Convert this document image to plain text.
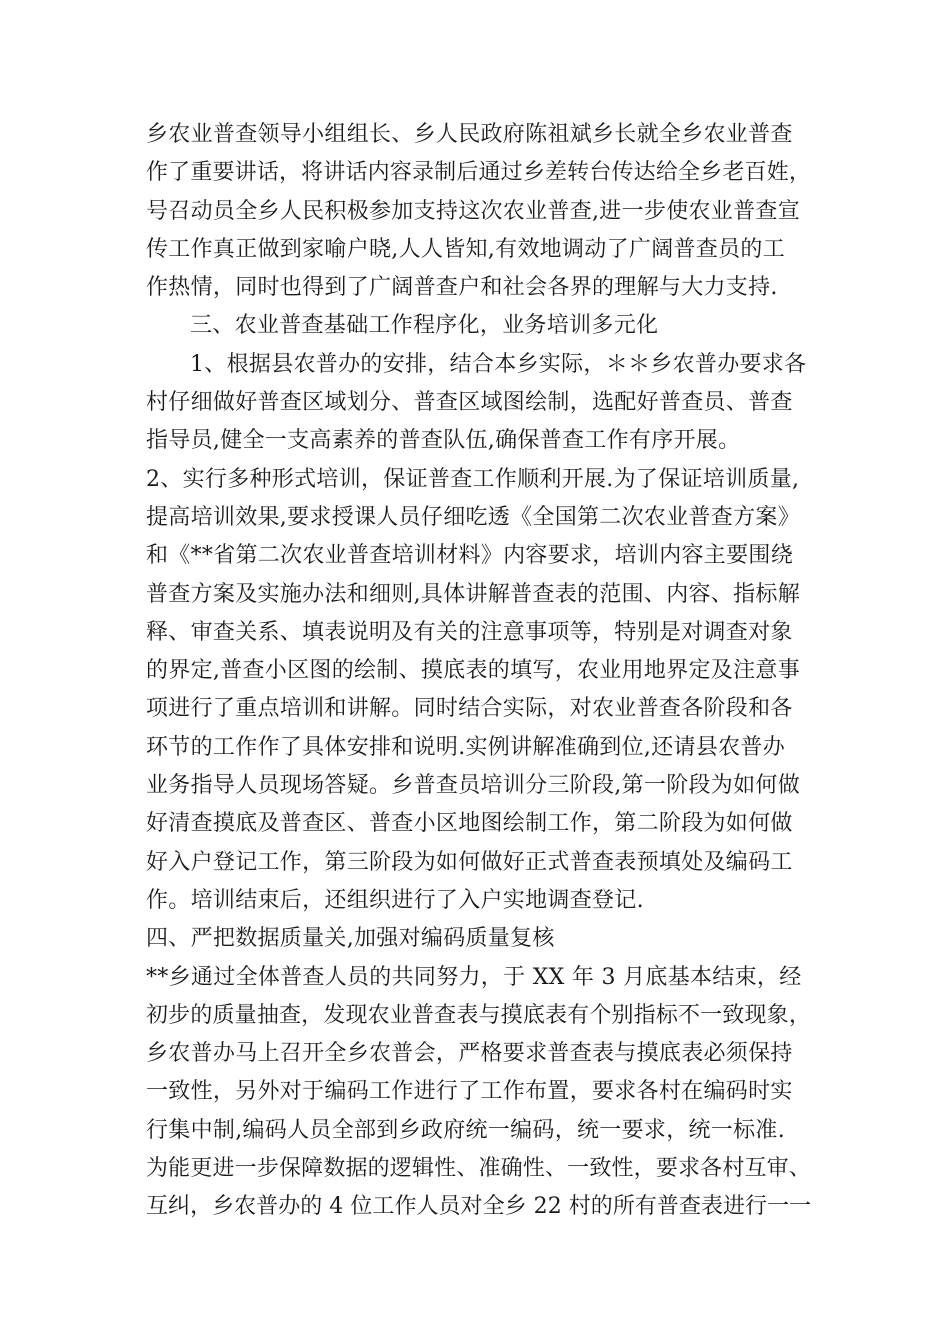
乡农业普查领导小组组长、乡人民政府陈祖斌乡长就全乡农业普查
作了重要讲话，将讲话内容录制后通过乡差转台传达给全乡老百姓，
号召动员全乡人民积极参加支持这次农业普查,进一步使农业普查宣
传工作真正做到家喻户晓,人人皆知,有效地调动了广阔普查员的工
作热情，同时也得到了广阔普查户和社会各界的理解与大力支持.
三、农业普查基础工作程序化，业务培训多元化
1、根据县农普办的安排，结合本乡实际，＊＊乡农普办要求各
村仔细做好普查区域划分、普查区域图绘制，选配好普查员、普查
指导员,健全一支高素养的普查队伍,确保普查工作有序开展。
2、实行多种形式培训，保证普查工作顺利开展.为了保证培训质量,
提高培训效果,要求授课人员仔细吃透《全国第二次农业普查方案》
和《**省第二次农业普查培训材料》内容要求，培训内容主要围绕
普查方案及实施办法和细则,具体讲解普查表的范围、内容、指标解
释、审查关系、填表说明及有关的注意事项等，特别是对调查对象
的界定,普查小区图的绘制、摸底表的填写，农业用地界定及注意事
项进行了重点培训和讲解。同时结合实际，对农业普查各阶段和各
环节的工作作了具体安排和说明.实例讲解准确到位,还请县农普办
业务指导人员现场答疑。乡普查员培训分三阶段,第一阶段为如何做
好清查摸底及普查区、普查小区地图绘制工作，第二阶段为如何做
好入户登记工作，第三阶段为如何做好正式普查表预填处及编码工
作。培训结束后，还组织进行了入户实地调查登记.
四、严把数据质量关,加强对编码质量复核
**乡通过全体普查人员的共同努力，于 XX 年 3 月底基本结束，经
初步的质量抽查，发现农业普查表与摸底表有个别指标不一致现象，
乡农普办马上召开全乡农普会，严格要求普查表与摸底表必须保持
一致性，另外对于编码工作进行了工作布置，要求各村在编码时实
行集中制,编码人员全部到乡政府统一编码，统一要求，统一标准.
为能更进一步保障数据的逻辑性、准确性、一致性，要求各村互审、
互纠，乡农普办的 4 位工作人员对全乡 22 村的所有普查表进行一一
